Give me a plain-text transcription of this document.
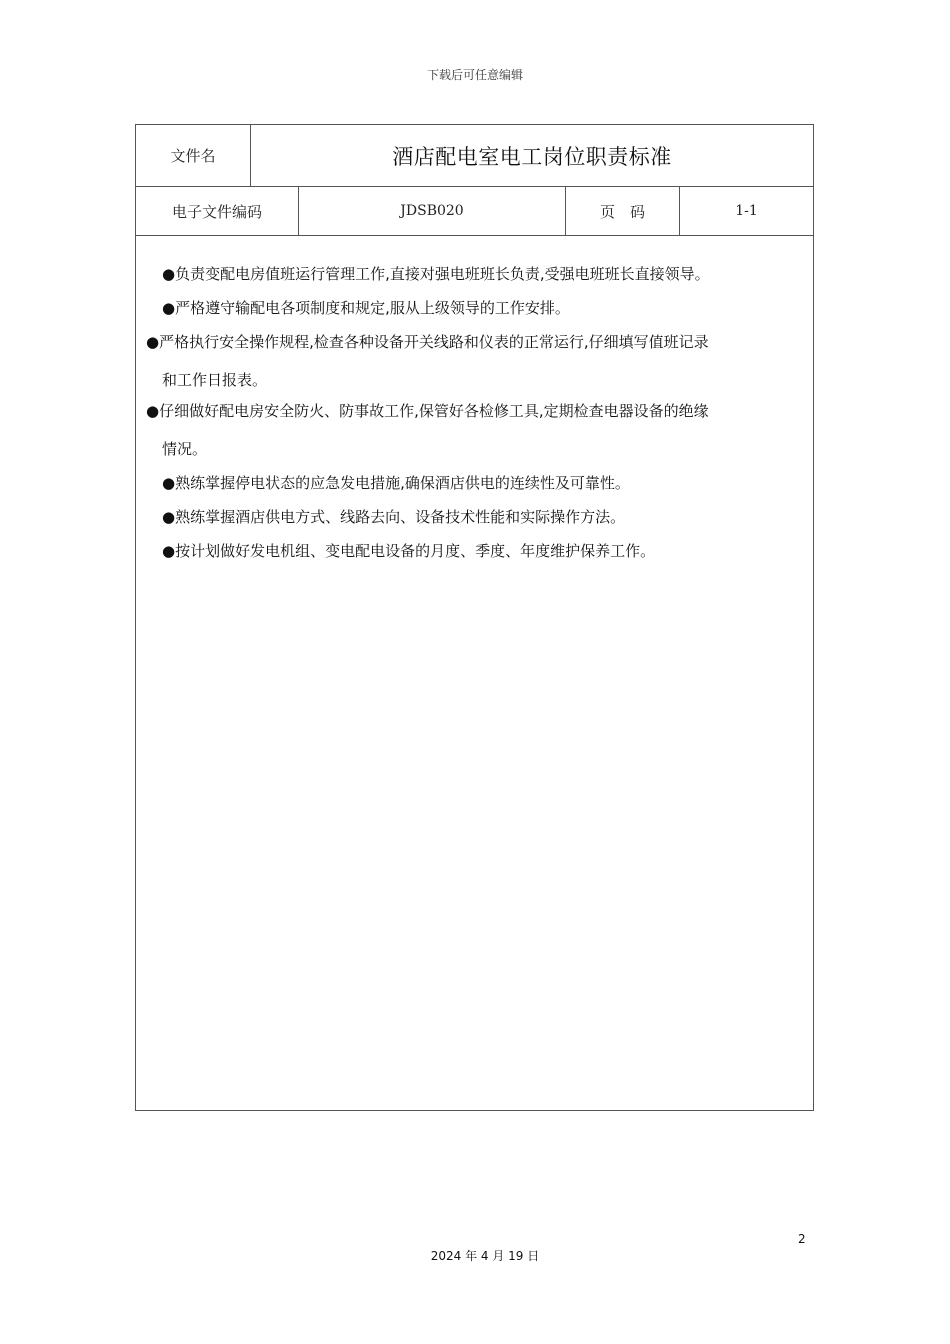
下载后可任意编辑
文件名	酒店配电室电工岗位职责标准
电子文件编码	JDSB020	页　码	1-1
●负责变配电房值班运行管理工作,直接对强电班班长负责,受强电班班长直接领导。
●严格遵守输配电各项制度和规定,服从上级领导的工作安排。
●严格执行安全操作规程,检查各种设备开关线路和仪表的正常运行,仔细填写值班记录
和工作日报表。
●仔细做好配电房安全防火、防事故工作,保管好各检修工具,定期检查电器设备的绝缘
情况。
●熟练掌握停电状态的应急发电措施,确保酒店供电的连续性及可靠性。
●熟练掌握酒店供电方式、线路去向、设备技术性能和实际操作方法。
●按计划做好发电机组、变电配电设备的月度、季度、年度维护保养工作。
2
2024 年 4 月 19 日
